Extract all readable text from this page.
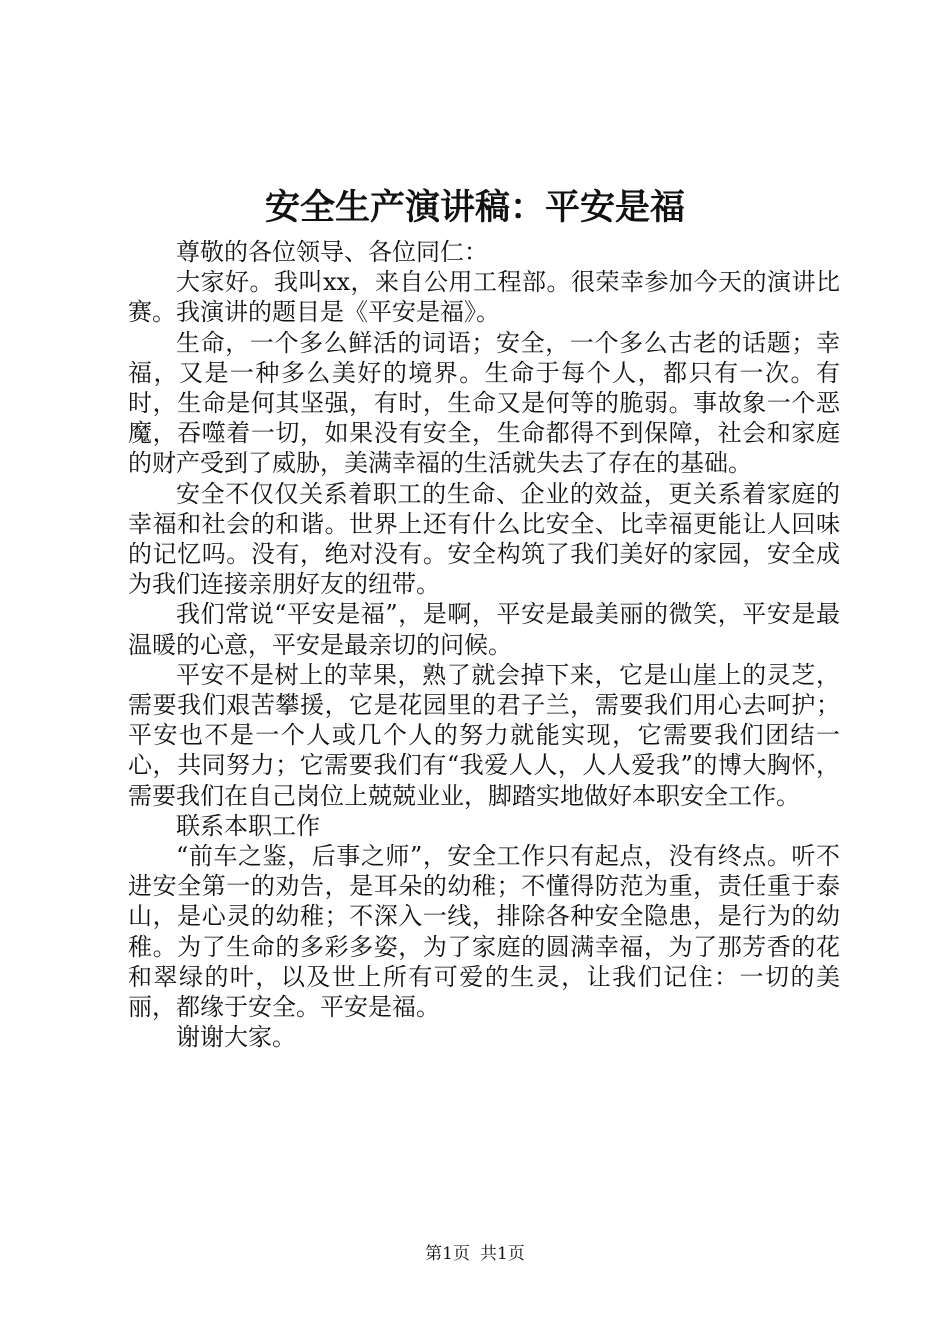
安全生产演讲稿：平安是福

尊敬的各位领导、各位同仁：

大家好。我叫xx，来自公用工程部。很荣幸参加今天的演讲比赛。我演讲的题目是《平安是福》。

生命，一个多么鲜活的词语；安全，一个多么古老的话题；幸福，又是一种多么美好的境界。生命于每个人，都只有一次。有时，生命是何其坚强，有时，生命又是何等的脆弱。事故象一个恶魔，吞噬着一切，如果没有安全，生命都得不到保障，社会和家庭的财产受到了威胁，美满幸福的生活就失去了存在的基础。

安全不仅仅关系着职工的生命、企业的效益，更关系着家庭的幸福和社会的和谐。世界上还有什么比安全、比幸福更能让人回味的记忆吗。没有，绝对没有。安全构筑了我们美好的家园，安全成为我们连接亲朋好友的纽带。

我们常说“平安是福”，是啊，平安是最美丽的微笑，平安是最温暖的心意，平安是最亲切的问候。

平安不是树上的苹果，熟了就会掉下来，它是山崖上的灵芝，需要我们艰苦攀援，它是花园里的君子兰，需要我们用心去呵护；平安也不是一个人或几个人的努力就能实现，它需要我们团结一心，共同努力；它需要我们有“我爱人人，人人爱我”的博大胸怀，需要我们在自己岗位上兢兢业业，脚踏实地做好本职安全工作。

联系本职工作

“前车之鉴，后事之师”，安全工作只有起点，没有终点。听不进安全第一的劝告，是耳朵的幼稚；不懂得防范为重，责任重于泰山，是心灵的幼稚；不深入一线，排除各种安全隐患，是行为的幼稚。为了生命的多彩多姿，为了家庭的圆满幸福，为了那芳香的花和翠绿的叶，以及世上所有可爱的生灵，让我们记住：一切的美丽，都缘于安全。平安是福。

谢谢大家。

第1页 共1页
